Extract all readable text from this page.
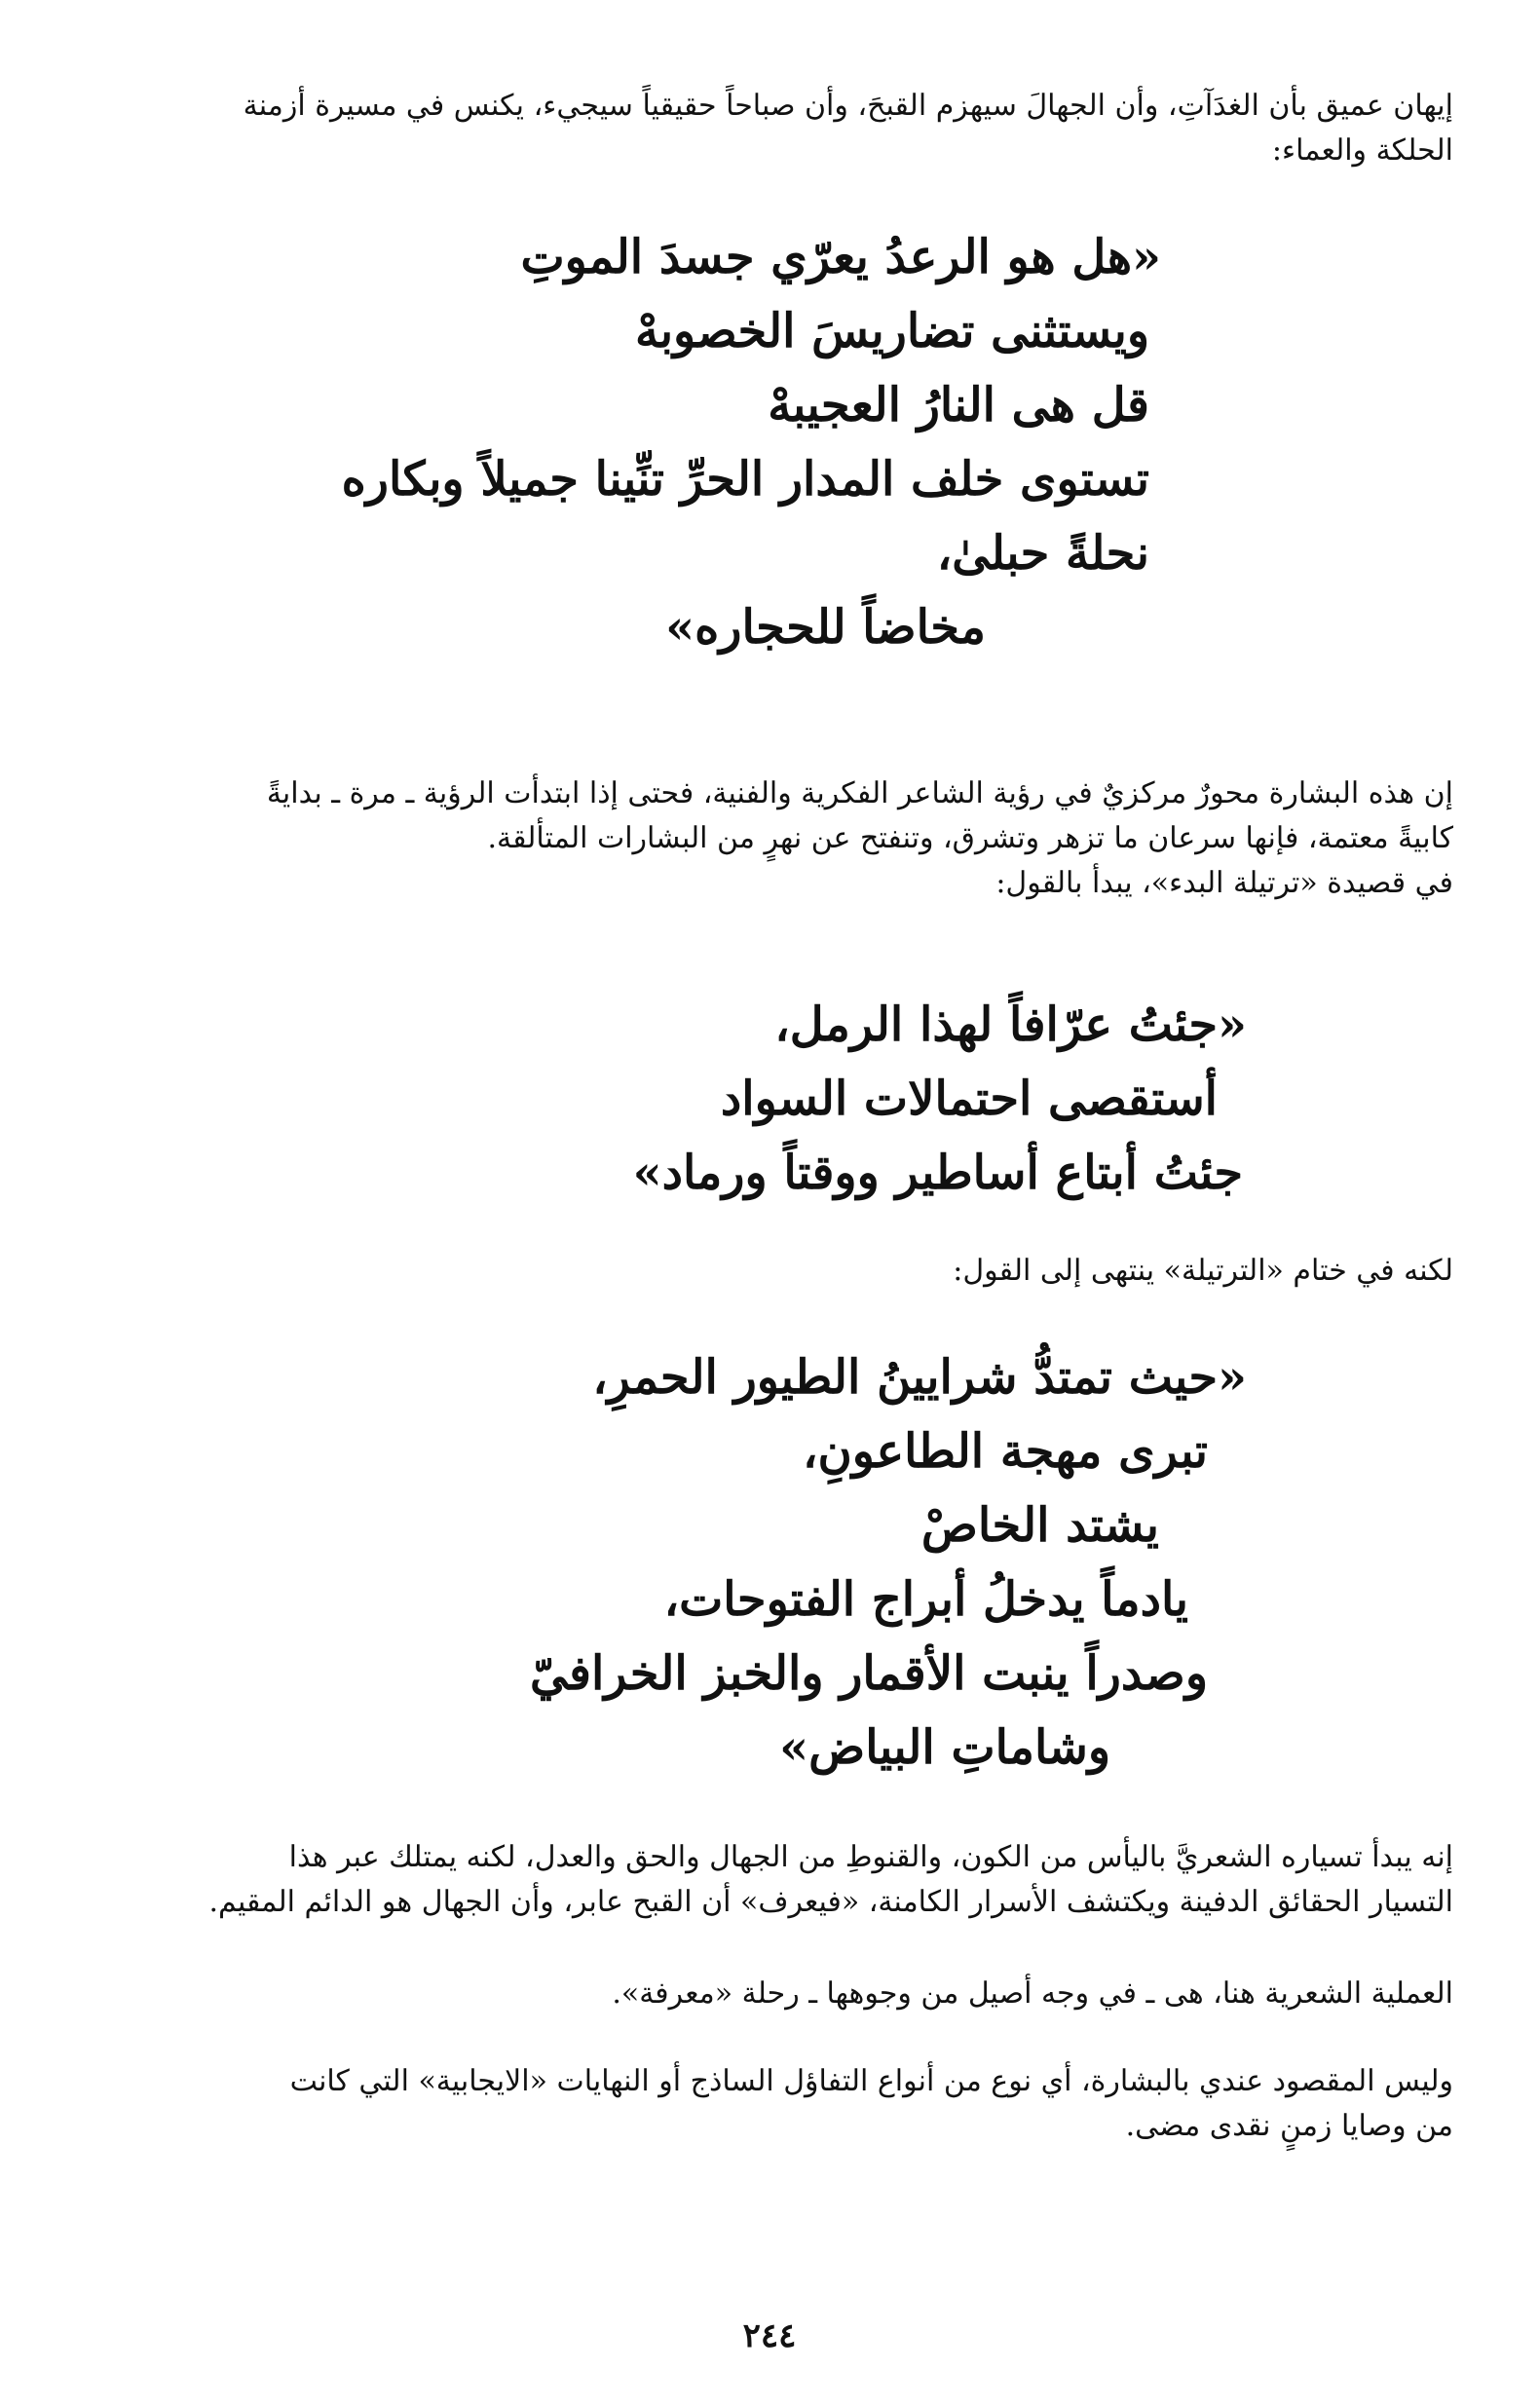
إيهان عميق بأن الغدَآتِ، وأن الجهالَ سيهزم القبحَ، وأن صباحاً حقيقياً سيجيء، يكنس في مسيرة أزمنة
الحلكة والعماء:

«هل هو الرعدُ يعرّي جسدَ الموتِ
ويستثنى تضاريسَ الخصوبهْ
قل هى النارُ العجيبهْ
تستوى خلف المدار الحرِّ تنِّينا جميلاً وبكاره
نحلةً حبلىٰ،
مخاضاً للحجاره»

إن هذه البشارة محورٌ مركزيٌ في رؤية الشاعر الفكرية والفنية، فحتى إذا ابتدأت الرؤية ـ مرة ـ بدايةً
كابيةً معتمة، فإنها سرعان ما تزهر وتشرق، وتنفتح عن نهرٍ من البشارات المتألقة.
في قصيدة «ترتيلة البدء»، يبدأ بالقول:

«جئتُ عرّافاً لهذا الرمل،
أستقصى احتمالات السواد
جئتُ أبتاع أساطير ووقتاً ورماد»

لكنه في ختام «الترتيلة» ينتهى إلى القول:

«حيث تمتدُّ شرايينُ الطيور الحمرِ،
تبرى مهجة الطاعونِ،
يشتد الخاصْ
يادماً يدخلُ أبراج الفتوحات،
وصدراً ينبت الأقمار والخبز الخرافيّ
وشاماتِ البياض»

إنه يبدأ تسياره الشعريَّ باليأس من الكون، والقنوطِ من الجهال والحق والعدل، لكنه يمتلك عبر هذا
التسيار الحقائق الدفينة ويكتشف الأسرار الكامنة، «فيعرف» أن القبح عابر، وأن الجهال هو الدائم المقيم.

العملية الشعرية هنا، هى ـ في وجه أصيل من وجوهها ـ رحلة «معرفة».

وليس المقصود عندي بالبشارة، أي نوع من أنواع التفاؤل الساذج أو النهايات «الايجابية» التي كانت
من وصايا زمنٍ نقدى مضى.

٢٤٤
